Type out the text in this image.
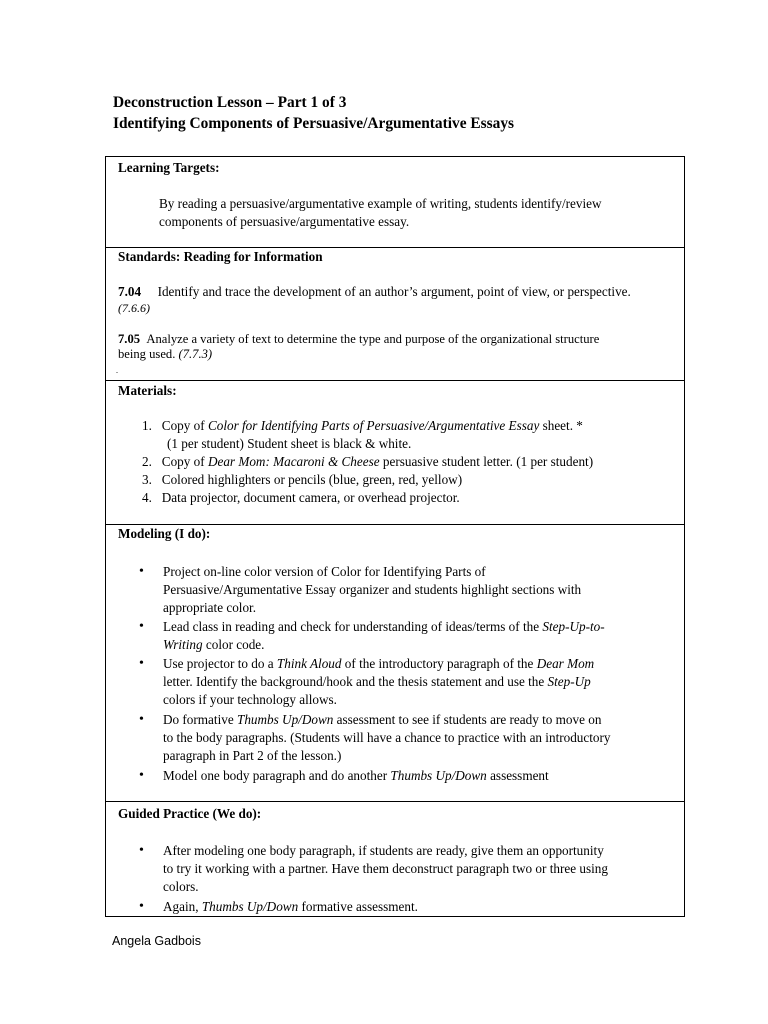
Deconstruction Lesson – Part 1 of 3
Identifying Components of Persuasive/Argumentative Essays
Learning Targets:
By reading a persuasive/argumentative example of writing, students identify/review
components of persuasive/argumentative essay.
Standards: Reading for Information
7.04 Identify and trace the development of an author’s argument, point of view, or perspective.
(7.6.6)
7.05 Analyze a variety of text to determine the type and purpose of the organizational structure
being used. (7.7.3)
.
Materials:
1. Copy of Color for Identifying Parts of Persuasive/Argumentative Essay sheet. *
(1 per student) Student sheet is black & white.
2. Copy of Dear Mom: Macaroni & Cheese persuasive student letter. (1 per student)
3. Colored highlighters or pencils (blue, green, red, yellow)
4. Data projector, document camera, or overhead projector.
Modeling (I do):
• Project on-line color version of Color for Identifying Parts of
Persuasive/Argumentative Essay organizer and students highlight sections with
appropriate color.
• Lead class in reading and check for understanding of ideas/terms of the Step-Up-to-
Writing color code.
• Use projector to do a Think Aloud of the introductory paragraph of the Dear Mom
letter. Identify the background/hook and the thesis statement and use the Step-Up
colors if your technology allows.
• Do formative Thumbs Up/Down assessment to see if students are ready to move on
to the body paragraphs. (Students will have a chance to practice with an introductory
paragraph in Part 2 of the lesson.)
• Model one body paragraph and do another Thumbs Up/Down assessment
Guided Practice (We do):
• After modeling one body paragraph, if students are ready, give them an opportunity
to try it working with a partner. Have them deconstruct paragraph two or three using
colors.
• Again, Thumbs Up/Down formative assessment.
Angela Gadbois
